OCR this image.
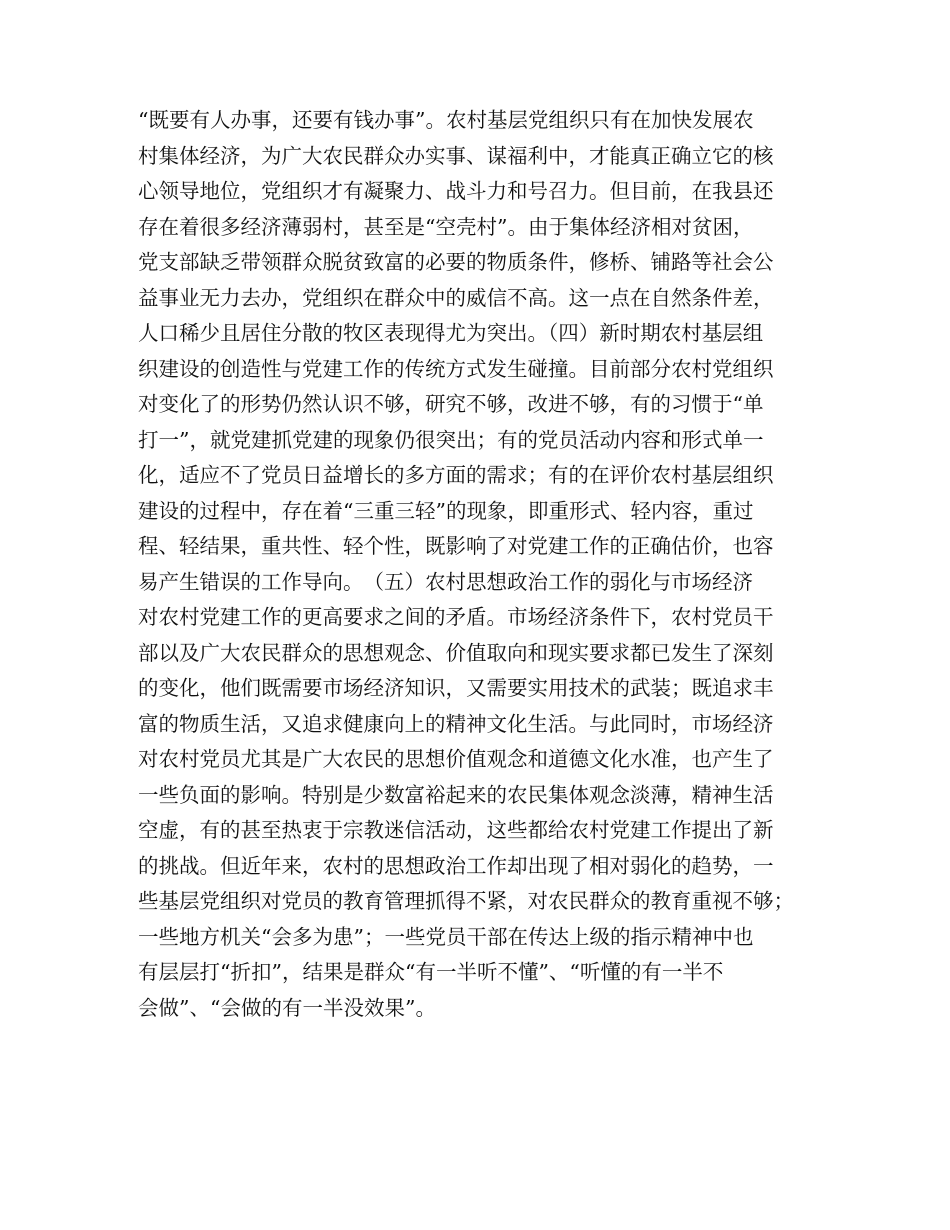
“既要有人办事，还要有钱办事”。农村基层党组织只有在加快发展农
村集体经济，为广大农民群众办实事、谋福利中，才能真正确立它的核
心领导地位，党组织才有凝聚力、战斗力和号召力。但目前，在我县还
存在着很多经济薄弱村，甚至是“空壳村”。由于集体经济相对贫困，
党支部缺乏带领群众脱贫致富的必要的物质条件，修桥、铺路等社会公
益事业无力去办，党组织在群众中的威信不高。这一点在自然条件差，
人口稀少且居住分散的牧区表现得尤为突出。（四）新时期农村基层组
织建设的创造性与党建工作的传统方式发生碰撞。目前部分农村党组织
对变化了的形势仍然认识不够，研究不够，改进不够，有的习惯于“单
打一”，就党建抓党建的现象仍很突出；有的党员活动内容和形式单一
化，适应不了党员日益增长的多方面的需求；有的在评价农村基层组织
建设的过程中，存在着“三重三轻”的现象，即重形式、轻内容，重过
程、轻结果，重共性、轻个性，既影响了对党建工作的正确估价，也容
易产生错误的工作导向。　（五）农村思想政治工作的弱化与市场经济
对农村党建工作的更高要求之间的矛盾。市场经济条件下，农村党员干
部以及广大农民群众的思想观念、价值取向和现实要求都已发生了深刻
的变化，他们既需要市场经济知识，又需要实用技术的武装；既追求丰
富的物质生活，又追求健康向上的精神文化生活。与此同时，市场经济
对农村党员尤其是广大农民的思想价值观念和道德文化水准，也产生了
一些负面的影响。特别是少数富裕起来的农民集体观念淡薄，精神生活
空虚，有的甚至热衷于宗教迷信活动，这些都给农村党建工作提出了新
的挑战。但近年来，农村的思想政治工作却出现了相对弱化的趋势，一
些基层党组织对党员的教育管理抓得不紧，对农民群众的教育重视不够；
一些地方机关“会多为患”；一些党员干部在传达上级的指示精神中也
有层层打“折扣”，结果是群众“有一半听不懂”、“听懂的有一半不
会做”、“会做的有一半没效果”。
